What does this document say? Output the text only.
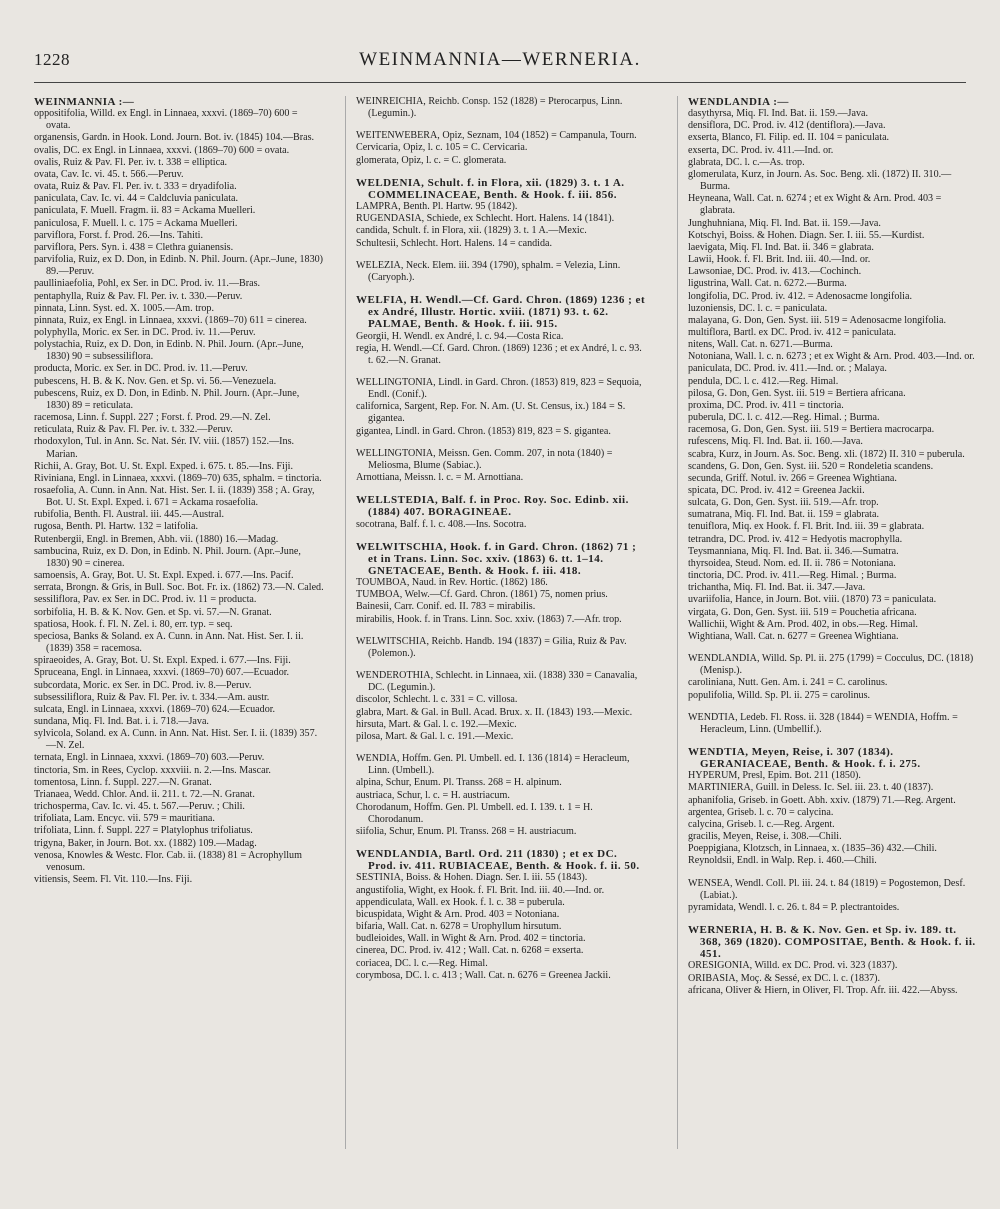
1228	WEINMANNIA—WERNERIA.

WEINMANNIA :—

oppositifolia, Willd. ex Engl. in Linnaea, xxxvi. (1869–70) 600 = ovata.

organensis, Gardn. in Hook. Lond. Journ. Bot. iv. (1845) 104.—Bras.

ovalis, DC. ex Engl. in Linnaea, xxxvi. (1869–70) 600 = ovata.

ovalis, Ruiz & Pav. Fl. Per. iv. t. 338 = elliptica.

ovata, Cav. Ic. vi. 45. t. 566.—Peruv.

ovata, Ruiz & Pav. Fl. Per. iv. t. 333 = dryadifolia.

paniculata, Cav. Ic. vi. 44 = Caldcluvia paniculata.

paniculata, F. Muell. Fragm. ii. 83 = Ackama Muelleri.

paniculosa, F. Muell. l. c. 175 = Ackama Muelleri.

parviflora, Forst. f. Prod. 26.—Ins. Tahiti.

parviflora, Pers. Syn. i. 438 = Clethra guianensis.

parvifolia, Ruiz, ex D. Don, in Edinb. N. Phil. Journ. (Apr.–June, 1830) 89.—Peruv.

paulliniaefolia, Pohl, ex Ser. in DC. Prod. iv. 11.—Bras.

pentaphylla, Ruiz & Pav. Fl. Per. iv. t. 330.—Peruv.

pinnata, Linn. Syst. ed. X. 1005.—Am. trop.

pinnata, Ruiz, ex Engl. in Linnaea, xxxvi. (1869–70) 611 = cinerea.

polyphylla, Moric. ex Ser. in DC. Prod. iv. 11.—Peruv.

polystachia, Ruiz, ex D. Don, in Edinb. N. Phil. Journ. (Apr.–June, 1830) 90 = subsessiliflora.

producta, Moric. ex Ser. in DC. Prod. iv. 11.—Peruv.

pubescens, H. B. & K. Nov. Gen. et Sp. vi. 56.—Venezuela.

pubescens, Ruiz, ex D. Don, in Edinb. N. Phil. Journ. (Apr.–June, 1830) 89 = reticulata.

racemosa, Linn. f. Suppl. 227 ; Forst. f. Prod. 29.—N. Zel.

reticulata, Ruiz & Pav. Fl. Per. iv. t. 332.—Peruv.

rhodoxylon, Tul. in Ann. Sc. Nat. Sér. IV. viii. (1857) 152.—Ins. Marian.

Richii, A. Gray, Bot. U. St. Expl. Exped. i. 675. t. 85.—Ins. Fiji.

Riviniana, Engl. in Linnaea, xxxvi. (1869–70) 635, sphalm. = tinctoria.

rosaefolia, A. Cunn. in Ann. Nat. Hist. Ser. I. ii. (1839) 358 ; A. Gray, Bot. U. St. Expl. Exped. i. 671 = Ackama rosaefolia.

rubifolia, Benth. Fl. Austral. iii. 445.—Austral.

rugosa, Benth. Pl. Hartw. 132 = latifolia.

Rutenbergii, Engl. in Bremen, Abh. vii. (1880) 16.—Madag.

sambucina, Ruiz, ex D. Don, in Edinb. N. Phil. Journ. (Apr.–June, 1830) 90 = cinerea.

samoensis, A. Gray, Bot. U. St. Expl. Exped. i. 677.—Ins. Pacif.

serrata, Brongn. & Gris, in Bull. Soc. Bot. Fr. ix. (1862) 73.—N. Caled.

sessiliflora, Pav. ex Ser. in DC. Prod. iv. 11 = producta.

sorbifolia, H. B. & K. Nov. Gen. et Sp. vi. 57.—N. Granat.

spatiosa, Hook. f. Fl. N. Zel. i. 80, err. typ. = seq.

speciosa, Banks & Soland. ex A. Cunn. in Ann. Nat. Hist. Ser. I. ii. (1839) 358 = racemosa.

spiraeoides, A. Gray, Bot. U. St. Expl. Exped. i. 677.—Ins. Fiji.

Spruceana, Engl. in Linnaea, xxxvi. (1869–70) 607.—Ecuador.

subcordata, Moric. ex Ser. in DC. Prod. iv. 8.—Peruv.

subsessiliflora, Ruiz & Pav. Fl. Per. iv. t. 334.—Am. austr.

sulcata, Engl. in Linnaea, xxxvi. (1869–70) 624.—Ecuador.

sundana, Miq. Fl. Ind. Bat. i. i. 718.—Java.

sylvicola, Soland. ex A. Cunn. in Ann. Nat. Hist. Ser. I. ii. (1839) 357.—N. Zel.

ternata, Engl. in Linnaea, xxxvi. (1869–70) 603.—Peruv.

tinctoria, Sm. in Rees, Cyclop. xxxviii. n. 2.—Ins. Mascar.

tomentosa, Linn. f. Suppl. 227.—N. Granat.

Trianaea, Wedd. Chlor. And. ii. 211. t. 72.—N. Granat.

trichosperma, Cav. Ic. vi. 45. t. 567.—Peruv. ; Chili.

trifoliata, Lam. Encyc. vii. 579 = mauritiana.

trifoliata, Linn. f. Suppl. 227 = Platylophus trifoliatus.

trigyna, Baker, in Journ. Bot. xx. (1882) 109.—Madag.

venosa, Knowles & Westc. Flor. Cab. ii. (1838) 81 = Acrophyllum venosum.

vitiensis, Seem. Fl. Vit. 110.—Ins. Fiji.

WEINREICHIA, Reichb. Consp. 152 (1828) = Pterocarpus, Linn. (Legumin.).

WEITENWEBERA, Opiz, Seznam, 104 (1852) = Campanula, Tourn.

Cervicaria, Opiz, l. c. 105 = C. Cervicaria.

glomerata, Opiz, l. c. = C. glomerata.

WELDENIA, Schult. f. in Flora, xii. (1829) 3. t. 1 A. COMMELINACEAE, Benth. & Hook. f. iii. 856.

LAMPRA, Benth. Pl. Hartw. 95 (1842).

RUGENDASIA, Schiede, ex Schlecht. Hort. Halens. 14 (1841).

candida, Schult. f. in Flora, xii. (1829) 3. t. 1 A.—Mexic.

Schultesii, Schlecht. Hort. Halens. 14 = candida.

WELEZIA, Neck. Elem. iii. 394 (1790), sphalm. = Velezia, Linn. (Caryoph.).

WELFIA, H. Wendl.—Cf. Gard. Chron. (1869) 1236 ; et ex André, Illustr. Hortic. xviii. (1871) 93. t. 62. PALMAE, Benth. & Hook. f. iii. 915.

Georgii, H. Wendl. ex André, l. c. 94.—Costa Rica.

regia, H. Wendl.—Cf. Gard. Chron. (1869) 1236 ; et ex André, l. c. 93. t. 62.—N. Granat.

WELLINGTONIA, Lindl. in Gard. Chron. (1853) 819, 823 = Sequoia, Endl. (Conif.).

californica, Sargent, Rep. For. N. Am. (U. St. Census, ix.) 184 = S. gigantea.

gigantea, Lindl. in Gard. Chron. (1853) 819, 823 = S. gigantea.

WELLINGTONIA, Meissn. Gen. Comm. 207, in nota (1840) = Meliosma, Blume (Sabiac.).

Arnottiana, Meissn. l. c. = M. Arnottiana.

WELLSTEDIA, Balf. f. in Proc. Roy. Soc. Edinb. xii. (1884) 407. BORAGINEAE.

socotrana, Balf. f. l. c. 408.—Ins. Socotra.

WELWITSCHIA, Hook. f. in Gard. Chron. (1862) 71 ; et in Trans. Linn. Soc. xxiv. (1863) 6. tt. 1–14. GNETACEAE, Benth. & Hook. f. iii. 418.

TOUMBOA, Naud. in Rev. Hortic. (1862) 186.

TUMBOA, Welw.—Cf. Gard. Chron. (1861) 75, nomen prius.

Bainesii, Carr. Conif. ed. II. 783 = mirabilis.

mirabilis, Hook. f. in Trans. Linn. Soc. xxiv. (1863) 7.—Afr. trop.

WELWITSCHIA, Reichb. Handb. 194 (1837) = Gilia, Ruiz & Pav. (Polemon.).

WENDEROTHIA, Schlecht. in Linnaea, xii. (1838) 330 = Canavalia, DC. (Legumin.).

discolor, Schlecht. l. c. 331 = C. villosa.

glabra, Mart. & Gal. in Bull. Acad. Brux. x. II. (1843) 193.—Mexic.

hirsuta, Mart. & Gal. l. c. 192.—Mexic.

pilosa, Mart. & Gal. l. c. 191.—Mexic.

WENDIA, Hoffm. Gen. Pl. Umbell. ed. I. 136 (1814) = Heracleum, Linn. (Umbell.).

alpina, Schur, Enum. Pl. Transs. 268 = H. alpinum.

austriaca, Schur, l. c. = H. austriacum.

Chorodanum, Hoffm. Gen. Pl. Umbell. ed. I. 139. t. 1 = H. Chorodanum.

siifolia, Schur, Enum. Pl. Transs. 268 = H. austriacum.

WENDLANDIA, Bartl. Ord. 211 (1830) ; et ex DC. Prod. iv. 411. RUBIACEAE, Benth. & Hook. f. ii. 50.

SESTINIA, Boiss. & Hohen. Diagn. Ser. I. iii. 55 (1843).

angustifolia, Wight, ex Hook. f. Fl. Brit. Ind. iii. 40.—Ind. or.

appendiculata, Wall. ex Hook. f. l. c. 38 = puberula.

bicuspidata, Wight & Arn. Prod. 403 = Notoniana.

bifaria, Wall. Cat. n. 6278 = Urophyllum hirsutum.

budleioides, Wall. in Wight & Arn. Prod. 402 = tinctoria.

cinerea, DC. Prod. iv. 412 ; Wall. Cat. n. 6268 = exserta.

coriacea, DC. l. c.—Reg. Himal.

corymbosa, DC. l. c. 413 ; Wall. Cat. n. 6276 = Greenea Jackii.

WENDLANDIA :—

dasythyrsa, Miq. Fl. Ind. Bat. ii. 159.—Java.

densiflora, DC. Prod. iv. 412 (dentiflora).—Java.

exserta, Blanco, Fl. Filip. ed. II. 104 = paniculata.

exserta, DC. Prod. iv. 411.—Ind. or.

glabrata, DC. l. c.—As. trop.

glomerulata, Kurz, in Journ. As. Soc. Beng. xli. (1872) II. 310.—Burma.

Heyneana, Wall. Cat. n. 6274 ; et ex Wight & Arn. Prod. 403 = glabrata.

Junghuhniana, Miq. Fl. Ind. Bat. ii. 159.—Java.

Kotschyi, Boiss. & Hohen. Diagn. Ser. I. iii. 55.—Kurdist.

laevigata, Miq. Fl. Ind. Bat. ii. 346 = glabrata.

Lawii, Hook. f. Fl. Brit. Ind. iii. 40.—Ind. or.

Lawsoniae, DC. Prod. iv. 413.—Cochinch.

ligustrina, Wall. Cat. n. 6272.—Burma.

longifolia, DC. Prod. iv. 412. = Adenosacme longifolia.

luzoniensis, DC. l. c. = paniculata.

malayana, G. Don, Gen. Syst. iii. 519 = Adenosacme longifolia.

multiflora, Bartl. ex DC. Prod. iv. 412 = paniculata.

nitens, Wall. Cat. n. 6271.—Burma.

Notoniana, Wall. l. c. n. 6273 ; et ex Wight & Arn. Prod. 403.—Ind. or.

paniculata, DC. Prod. iv. 411.—Ind. or. ; Malaya.

pendula, DC. l. c. 412.—Reg. Himal.

pilosa, G. Don, Gen. Syst. iii. 519 = Bertiera africana.

proxima, DC. Prod. iv. 411 = tinctoria.

puberula, DC. l. c. 412.—Reg. Himal. ; Burma.

racemosa, G. Don, Gen. Syst. iii. 519 = Bertiera macrocarpa.

rufescens, Miq. Fl. Ind. Bat. ii. 160.—Java.

scabra, Kurz, in Journ. As. Soc. Beng. xli. (1872) II. 310 = puberula.

scandens, G. Don, Gen. Syst. iii. 520 = Rondeletia scandens.

secunda, Griff. Notul. iv. 266 = Greenea Wightiana.

spicata, DC. Prod. iv. 412 = Greenea Jackii.

sulcata, G. Don, Gen. Syst. iii. 519.—Afr. trop.

sumatrana, Miq. Fl. Ind. Bat. ii. 159 = glabrata.

tenuiflora, Miq. ex Hook. f. Fl. Brit. Ind. iii. 39 = glabrata.

tetrandra, DC. Prod. iv. 412 = Hedyotis macrophylla.

Teysmanniana, Miq. Fl. Ind. Bat. ii. 346.—Sumatra.

thyrsoidea, Steud. Nom. ed. II. ii. 786 = Notoniana.

tinctoria, DC. Prod. iv. 411.—Reg. Himal. ; Burma.

trichantha, Miq. Fl. Ind. Bat. ii. 347.—Java.

uvariifolia, Hance, in Journ. Bot. viii. (1870) 73 = paniculata.

virgata, G. Don, Gen. Syst. iii. 519 = Pouchetia africana.

Wallichii, Wight & Arn. Prod. 402, in obs.—Reg. Himal.

Wightiana, Wall. Cat. n. 6277 = Greenea Wightiana.

WENDLANDIA, Willd. Sp. Pl. ii. 275 (1799) = Cocculus, DC. (1818) (Menisp.).

caroliniana, Nutt. Gen. Am. i. 241 = C. carolinus.

populifolia, Willd. Sp. Pl. ii. 275 = carolinus.

WENDTIA, Ledeb. Fl. Ross. ii. 328 (1844) = WENDIA, Hoffm. = Heracleum, Linn. (Umbellif.).

WENDTIA, Meyen, Reise, i. 307 (1834). GERANIACEAE, Benth. & Hook. f. i. 275.

HYPERUM, Presl, Epim. Bot. 211 (1850).

MARTINIERA, Guill. in Deless. Ic. Sel. iii. 23. t. 40 (1837).

aphanifolia, Griseb. in Goett. Abh. xxiv. (1879) 71.—Reg. Argent.

argentea, Griseb. l. c. 70 = calycina.

calycina, Griseb. l. c.—Reg. Argent.

gracilis, Meyen, Reise, i. 308.—Chili.

Poeppigiana, Klotzsch, in Linnaea, x. (1835–36) 432.—Chili.

Reynoldsii, Endl. in Walp. Rep. i. 460.—Chili.

WENSEA, Wendl. Coll. Pl. iii. 24. t. 84 (1819) = Pogostemon, Desf. (Labiat.).

pyramidata, Wendl. l. c. 26. t. 84 = P. plectrantoides.

WERNERIA, H. B. & K. Nov. Gen. et Sp. iv. 189. tt. 368, 369 (1820). COMPOSITAE, Benth. & Hook. f. ii. 451.

ORESIGONIA, Willd. ex DC. Prod. vi. 323 (1837).

ORIBASIA, Moç. & Sessé, ex DC. l. c. (1837).

africana, Oliver & Hiern, in Oliver, Fl. Trop. Afr. iii. 422.—Abyss.
